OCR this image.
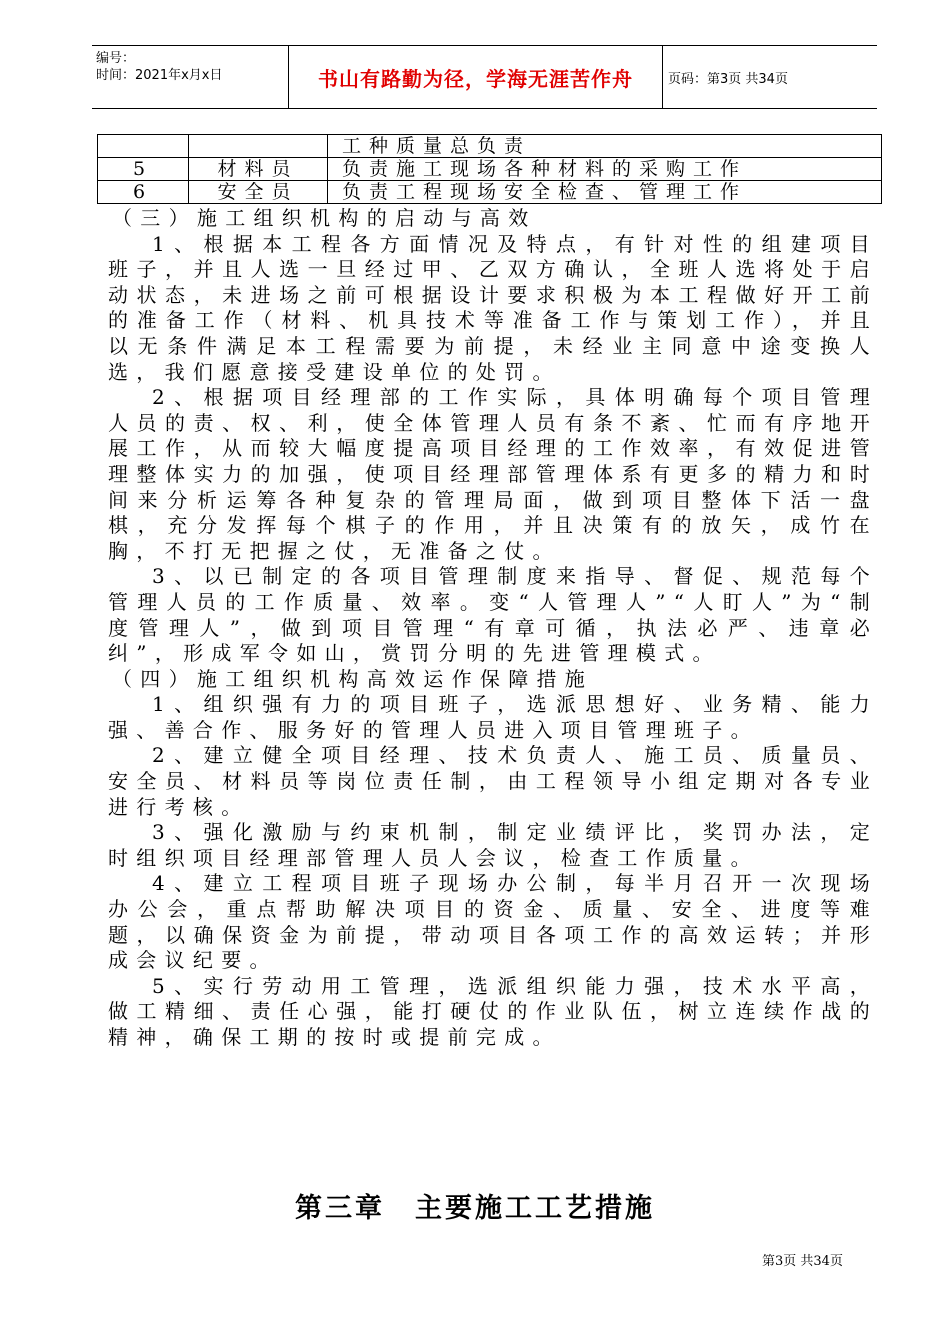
编号：
时间：2021年x月x日	书山有路勤为径，学海无涯苦作舟	页码：第3页 共34页
		工种质量总负责
5	材料员	负责施工现场各种材料的采购工作
6	安全员	负责工程现场安全检查、管理工作

（三）施工组织机构的启动与高效

1、根据本工程各方面情况及特点，有针对性的组建项目班子，并且人选一旦经过甲、乙双方确认，全班人选将处于启动状态，未进场之前可根据设计要求积极为本工程做好开工前的准备工作（材料、机具技术等准备工作与策划工作），并且以无条件满足本工程需要为前提，未经业主同意中途变换人选，我们愿意接受建设单位的处罚。

2、根据项目经理部的工作实际，具体明确每个项目管理人员的责、权、利，使全体管理人员有条不紊、忙而有序地开展工作，从而较大幅度提高项目经理的工作效率，有效促进管理整体实力的加强，使项目经理部管理体系有更多的精力和时间来分析运筹各种复杂的管理局面，做到项目整体下活一盘棋，充分发挥每个棋子的作用，并且决策有的放矢，成竹在胸，不打无把握之仗，无准备之仗。

3、以已制定的各项目管理制度来指导、督促、规范每个管理人员的工作质量、效率。变“人管理人”“人盯人”为“制度管理人”，做到项目管理“有章可循，执法必严、违章必纠”，形成军令如山，赏罚分明的先进管理模式。

（四）施工组织机构高效运作保障措施

1、组织强有力的项目班子，选派思想好、业务精、能力强、善合作、服务好的管理人员进入项目管理班子。

2、建立健全项目经理、技术负责人、施工员、质量员、安全员、材料员等岗位责任制，由工程领导小组定期对各专业进行考核。

3、强化激励与约束机制，制定业绩评比，奖罚办法，定时组织项目经理部管理人员人会议，检查工作质量。

4、建立工程项目班子现场办公制，每半月召开一次现场办公会，重点帮助解决项目的资金、质量、安全、进度等难题，以确保资金为前提，带动项目各项工作的高效运转；并形成会议纪要。

5、实行劳动用工管理，选派组织能力强，技术水平高，做工精细、责任心强，能打硬仗的作业队伍，树立连续作战的精神，确保工期的按时或提前完成。

第三章　主要施工工艺措施
第3页 共34页
